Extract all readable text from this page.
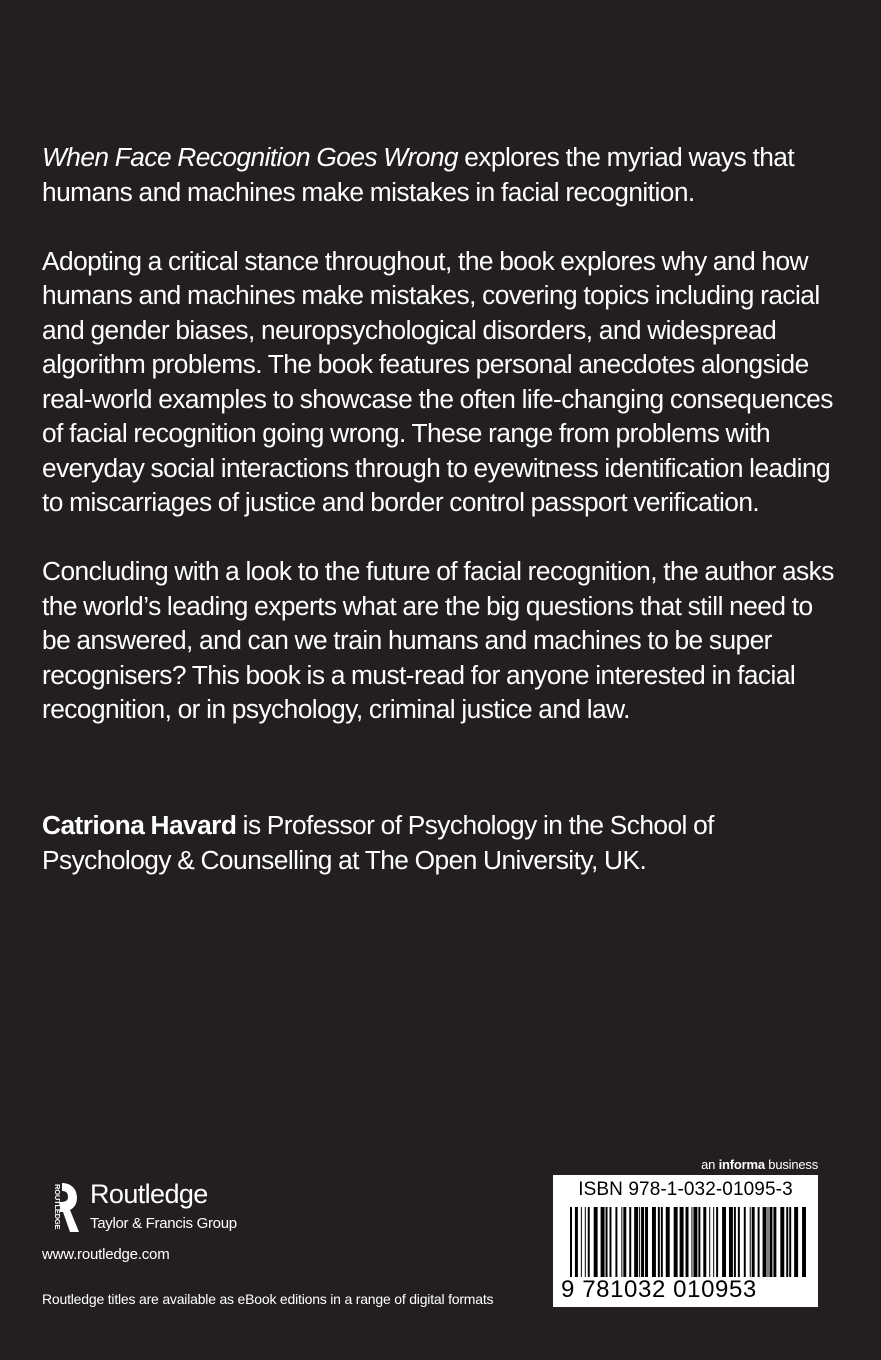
When Face Recognition Goes Wrong explores the myriad ways that humans and machines make mistakes in facial recognition.

Adopting a critical stance throughout, the book explores why and how humans and machines make mistakes, covering topics including racial and gender biases, neuropsychological disorders, and widespread algorithm problems. The book features personal anecdotes alongside real-world examples to showcase the often life-changing consequences of facial recognition going wrong. These range from problems with everyday social interactions through to eyewitness identification leading to miscarriages of justice and border control passport verification.

Concluding with a look to the future of facial recognition, the author asks the world’s leading experts what are the big questions that still need to be answered, and can we train humans and machines to be super recognisers? This book is a must-read for anyone interested in facial recognition, or in psychology, criminal justice and law.

Catriona Havard is Professor of Psychology in the School of Psychology & Counselling at The Open University, UK.

ROUTLEDGE Routledge
Taylor & Francis Group
www.routledge.com
Routledge titles are available as eBook editions in a range of digital formats
an informa business
ISBN 978-1-032-01095-3
9 781032 010953
